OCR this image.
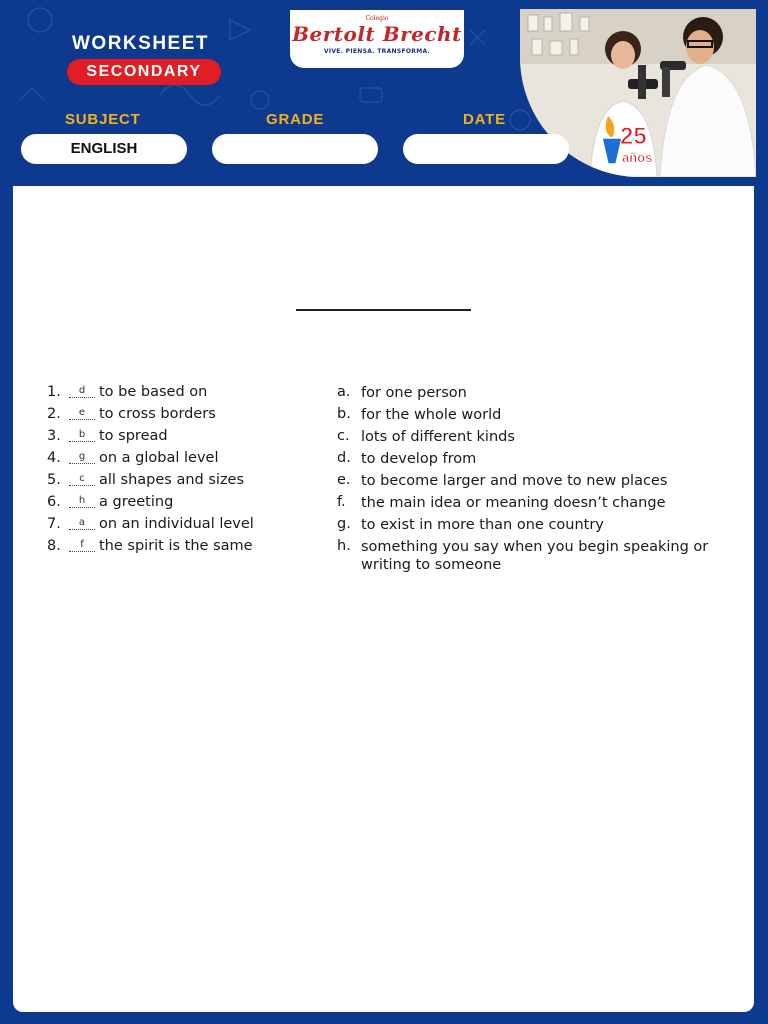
WORKSHEET
SECONDARY
Colegio
Bertolt Brecht
VIVE. PIENSA. TRANSFORMA.
25
años
SUBJECT	GRADE	DATE
ENGLISH
1. d to be based on
2. e to cross borders
3. b to spread
4. g on a global level
5. c all shapes and sizes
6. h a greeting
7. a on an individual level
8. f the spirit is the same
a. for one person
b. for the whole world
c. lots of different kinds
d. to develop from
e. to become larger and move to new places
f. the main idea or meaning doesn’t change
g. to exist in more than one country
h. something you say when you begin speaking or writing to someone
